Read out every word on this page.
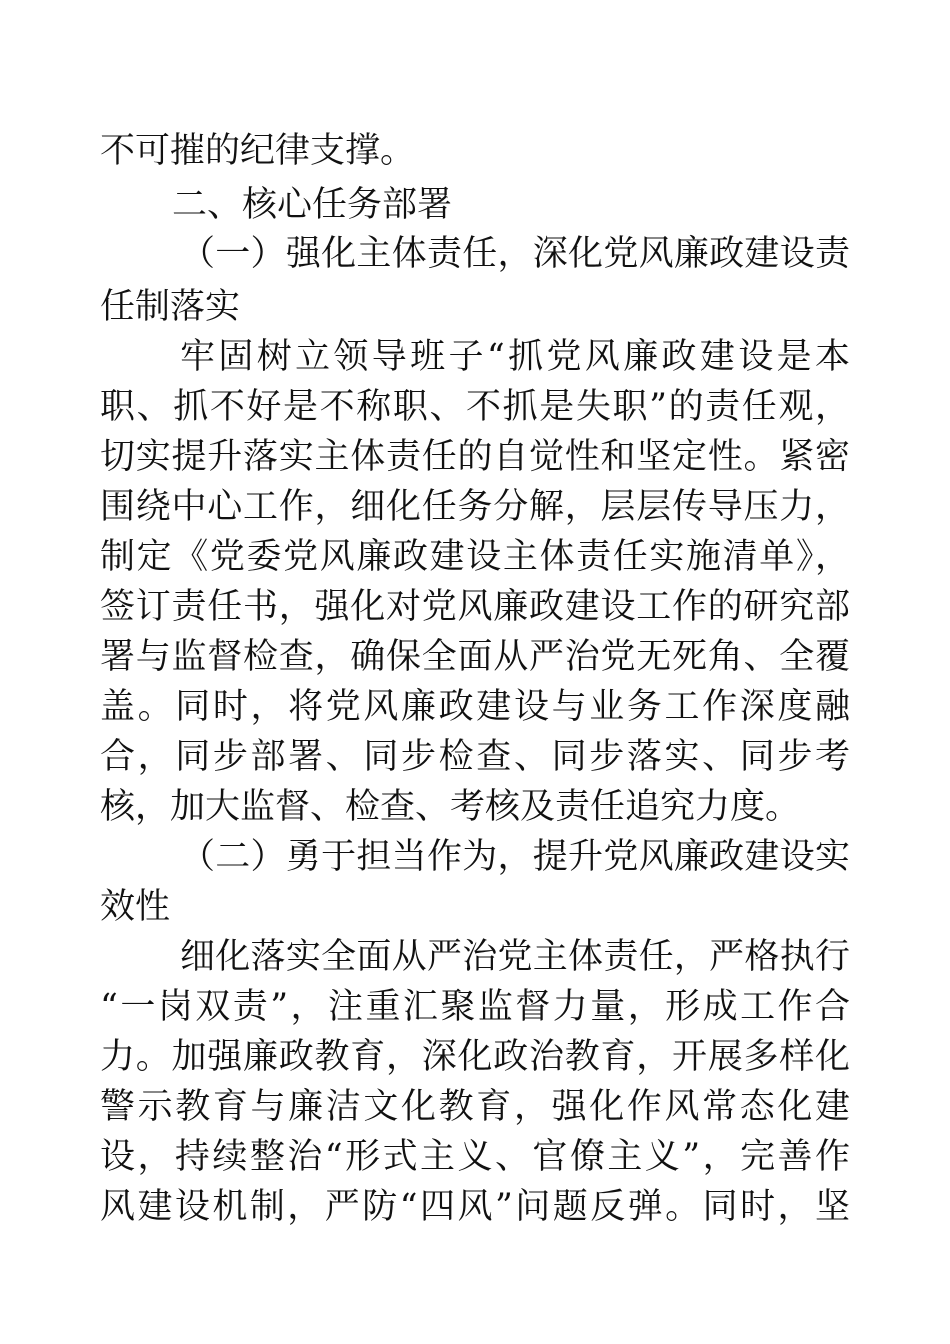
不可摧的纪律支撑。
二、核心任务部署
（一）强化主体责任，深化党风廉政建设责
任制落实
牢固树立领导班子“抓党风廉政建设是本
职、抓不好是不称职、不抓是失职”的责任观，
切实提升落实主体责任的自觉性和坚定性。紧密
围绕中心工作，细化任务分解，层层传导压力，
制定《党委党风廉政建设主体责任实施清单》，
签订责任书，强化对党风廉政建设工作的研究部
署与监督检查，确保全面从严治党无死角、全覆
盖。同时，将党风廉政建设与业务工作深度融
合，同步部署、同步检查、同步落实、同步考
核，加大监督、检查、考核及责任追究力度。
（二）勇于担当作为，提升党风廉政建设实
效性
细化落实全面从严治党主体责任，严格执行
“一岗双责”，注重汇聚监督力量，形成工作合
力。加强廉政教育，深化政治教育，开展多样化
警示教育与廉洁文化教育，强化作风常态化建
设，持续整治“形式主义、官僚主义”，完善作
风建设机制，严防“四风”问题反弹。同时，坚
